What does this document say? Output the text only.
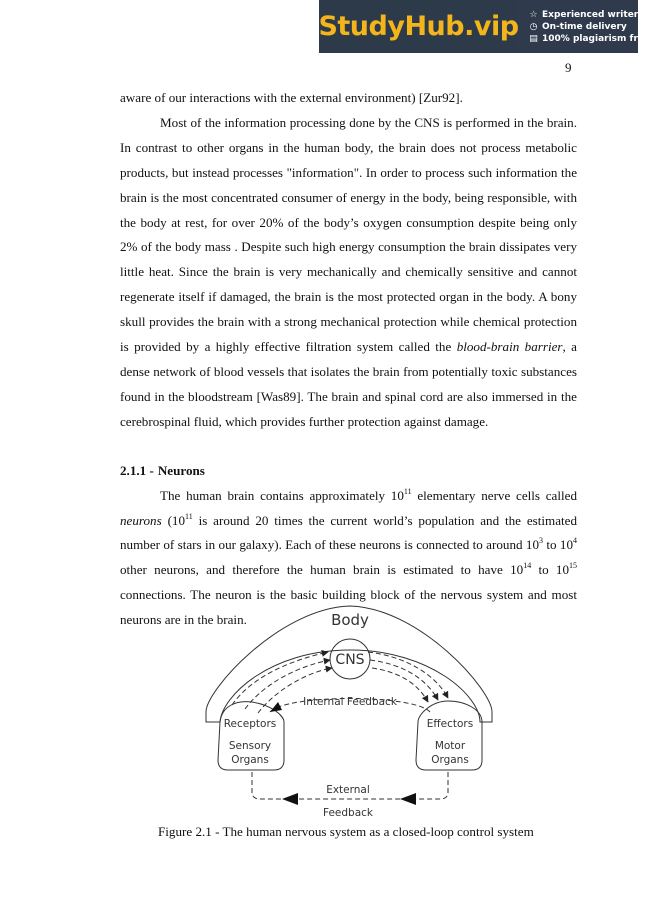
StudyHub.vip ☆ Experienced writers
◷ On-time delivery
▤ 100% plagiarism free
9

aware of our interactions with the external environment) [Zur92].

Most of the information processing done by the CNS is performed in the brain. In contrast to other organs in the human body, the brain does not process metabolic products, but instead processes "information". In order to process such information the brain is the most concentrated consumer of energy in the body, being responsible, with the body at rest, for over 20% of the body’s oxygen consumption despite being only 2% of the body mass . Despite such high energy consumption the brain dissipates very little heat. Since the brain is very mechanically and chemically sensitive and cannot regenerate itself if damaged, the brain is the most protected organ in the body. A bony skull provides the brain with a strong mechanical protection while chemical protection is provided by a highly effective filtration system called the blood-brain barrier, a dense network of blood vessels that isolates the brain from potentially toxic substances found in the bloodstream [Was89]. The brain and spinal cord are also immersed in the cerebrospinal fluid, which provides further protection against damage.

2.1.1 - Neurons

The human brain contains approximately $10^{11}$ elementary nerve cells called neurons ($10^{11}$ is around 20 times the current world’s population and the estimated number of stars in our galaxy). Each of these neurons is connected to around $10^3$ to $10^4$ other neurons, and therefore the human brain is estimated to have $10^{14}$ to $10^{15}$ connections. The neuron is the basic building block of the nervous system and most neurons are in the brain.	Body
CNS
Internal Feedback
Receptors
Sensory
Organs
Effectors
Motor
Organs
External
Feedback
Figure 2.1 - The human nervous system as a closed-loop control system
